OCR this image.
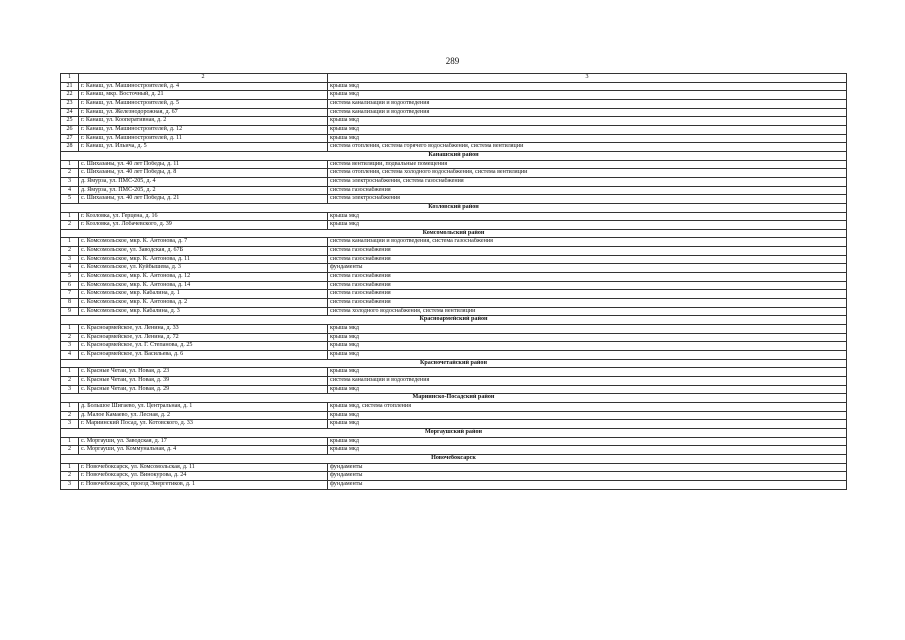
289
1	2	3
21	г. Канаш, ул. Машиностроителей, д. 4	крыша мкд
22	г. Канаш, мкр. Восточный, д. 21	крыша мкд
23	г. Канаш, ул. Машиностроителей, д. 5	система канализации и водоотведения
24	г. Канаш, ул. Железнодорожная, д. 67	система канализации и водоотведения
25	г. Канаш, ул. Кооперативная, д. 2	крыша мкд
26	г. Канаш, ул. Машиностроителей, д. 12	крыша мкд
27	г. Канаш, ул. Машиностроителей, д. 11	крыша мкд
28	г. Канаш, ул. Ильича, д. 5	система отопления, система горячего водоснабжения, система вентиляции
Канашский район		
1	с. Шихазаны, ул. 40 лет Победы, д. 11	система вентиляции, подвальные помещения
2	с. Шихазаны, ул. 40 лет Победы, д. 8	система отопления, система холодного водоснабжения, система вентиляции
3	д. Ямурза, ул. ПМС-205, д. 4	система электроснабжения, система газоснабжения
4	д. Ямурза, ул. ПМС-205, д. 2	система газоснабжения
5	с. Шихазаны, ул. 40 лет Победы, д. 21	система электроснабжения
Козловский район		
1	г. Козловка, ул. Герцена, д. 16	крыша мкд
2	г. Козловка, ул. Лобачевского, д. 39	крыша мкд
Комсомольский район		
1	с. Комсомольское, мкр. К. Антонова, д. 7	система канализации и водоотведения, система газоснабжения
2	с. Комсомольское, ул. Заводская, д. 67Б	система газоснабжения
3	с. Комсомольское, мкр. К. Антонова, д. 11	система газоснабжения
4	с. Комсомольское, ул. Куйбышева, д. 3	фундаменты
5	с. Комсомольское, мкр. К. Антонова, д. 12	система газоснабжения
6	с. Комсомольское, мкр. К. Антонова, д. 14	система газоснабжения
7	с. Комсомольское, мкр. Кабалина, д. 1	система газоснабжения
8	с. Комсомольское, мкр. К. Антонова, д. 2	система газоснабжения
9	с. Комсомольское, мкр. Кабалина, д. 3	система холодного водоснабжения, система вентиляции
Красноармейский район		
1	с. Красноармейское, ул. Ленина, д. 33	крыша мкд
2	с. Красноармейское, ул. Ленина, д. 72	крыша мкд
3	с. Красноармейское, ул. Г. Степанова, д. 25	крыша мкд
4	с. Красноармейское, ул. Васильева, д. 6	крыша мкд
Красночетайский район		
1	с. Красные Четаи, ул. Новая, д. 23	крыша мкд
2	с. Красные Четаи, ул. Новая, д. 39	система канализации и водоотведения
3	с. Красные Четаи, ул. Новая, д. 29	крыша мкд
Мариинско-Посадский район		
1	д. Большое Шигаево, ул. Центральная, д. 1	крыша мкд, система отопления
2	д. Малое Камаево, ул. Лесная, д. 2	крыша мкд
3	г. Мариинский Посад, ул. Котовского, д. 33	крыша мкд
Моргаушский район		
1	с. Моргауши, ул. Заводская, д. 17	крыша мкд
2	с. Моргауши, ул. Коммунальная, д. 4	крыша мкд
Новочебоксарск		
1	г. Новочебоксарск, ул. Комсомольская, д. 11	фундаменты
2	г. Новочебоксарск, ул. Винокурова, д. 24	фундаменты
3	г. Новочебоксарск, проезд Энергетиков, д. 1	фундаменты
